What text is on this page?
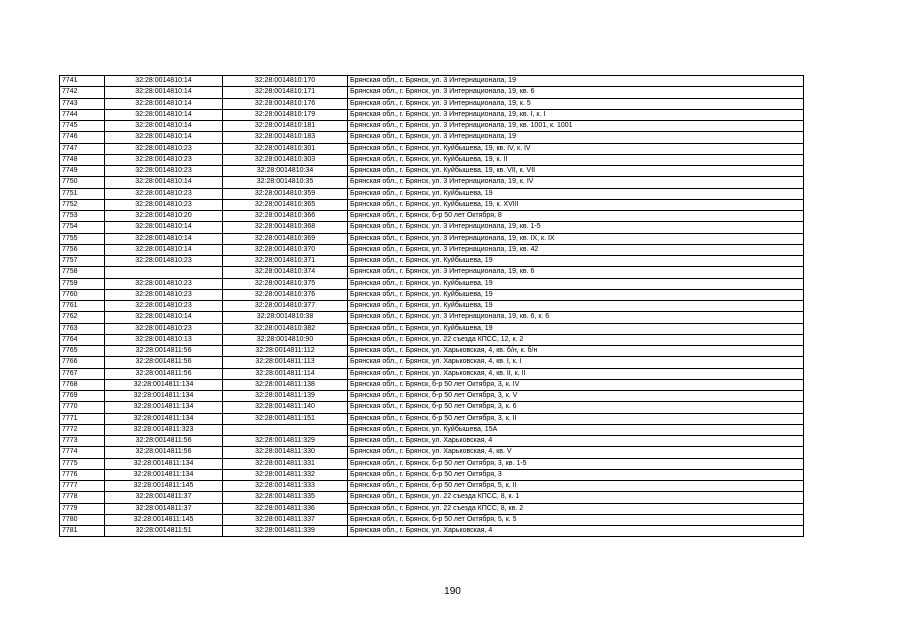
7741	32:28:0014810:14	32:28:0014810:170	Брянская обл., г. Брянск, ул. 3 Интернационала, 19
7742	32:28:0014810:14	32:28:0014810:171	Брянская обл., г. Брянск, ул. 3 Интернационала, 19, кв. 6
7743	32:28:0014810:14	32:28:0014810:176	Брянская обл., г. Брянск, ул. 3 Интернационала, 19, к. 5
7744	32:28:0014810:14	32:28:0014810:179	Брянская обл., г. Брянск, ул. 3 Интернационала, 19, кв. I, к. I
7745	32:28:0014810:14	32:28:0014810:181	Брянская обл., г. Брянск, ул. 3 Интернационала, 19, кв. 1001, к. 1001
7746	32:28:0014810:14	32:28:0014810:183	Брянская обл., г. Брянск, ул. 3 Интернационала, 19
7747	32:28:0014810:23	32:28:0014810:301	Брянская обл., г. Брянск, ул. Куйбышева, 19, кв. IV, к. IV
7748	32:28:0014810:23	32:28:0014810:303	Брянская обл., г. Брянск, ул. Куйбышева, 19, к. II
7749	32:28:0014810:23	32:28:0014810:34	Брянская обл., г. Брянск, ул. Куйбышева, 19, кв. VII, к. VII
7750	32:28:0014810:14	32:28:0014810:35	Брянская обл., г. Брянск, ул. 3 Интернационала, 19, к. IV
7751	32:28:0014810:23	32:28:0014810:359	Брянская обл., г. Брянск, ул. Куйбышева, 19
7752	32:28:0014810:23	32:28:0014810:365	Брянская обл., г. Брянск, ул. Куйбышева, 19, к. XVIII
7753	32:28:0014810:20	32:28:0014810:366	Брянская обл., г. Брянск, б-р 50 лет Октября, 8
7754	32:28:0014810:14	32:28:0014810:368	Брянская обл., г. Брянск, ул. 3 Интернационала, 19, кв. 1-5
7755	32:28:0014810:14	32:28:0014810:369	Брянская обл., г. Брянск, ул. 3 Интернационала, 19, кв. IX, к. IX
7756	32:28:0014810:14	32:28:0014810:370	Брянская обл., г. Брянск, ул. 3 Интернационала, 19, кв. 42
7757	32:28:0014810:23	32:28:0014810:371	Брянская обл., г. Брянск, ул. Куйбышева, 19
7758		32:28:0014810:374	Брянская обл., г. Брянск, ул. 3 Интернационала, 19, кв. 6
7759	32:28:0014810:23	32:28:0014810:375	Брянская обл., г. Брянск, ул. Куйбышева, 19
7760	32:28:0014810:23	32:28:0014810:376	Брянская обл., г. Брянск, ул. Куйбышева, 19
7761	32:28:0014810:23	32:28:0014810:377	Брянская обл., г. Брянск, ул. Куйбышева, 19
7762	32:28:0014810:14	32:28:0014810:38	Брянская обл., г. Брянск, ул. 3 Интернационала, 19, кв. 6, к. 6
7763	32:28:0014810:23	32:28:0014810:382	Брянская обл., г. Брянск, ул. Куйбышева, 19
7764	32:28:0014810:13	32:28:0014810:90	Брянская обл., г. Брянск, ул. 22 съезда КПСС, 12, к. 2
7765	32:28:0014811:56	32:28:0014811:112	Брянская обл., г. Брянск, ул. Харьковская, 4, кв. б/н, к. б/н
7766	32:28:0014811:56	32:28:0014811:113	Брянская обл., г. Брянск, ул. Харьковская, 4, кв. I, к. I
7767	32:28:0014811:56	32:28:0014811:114	Брянская обл., г. Брянск, ул. Харьковская, 4, кв. II, к. II
7768	32:28:0014811:134	32:28:0014811:138	Брянская обл., г. Брянск, б-р 50 лет Октября, 3, к. IV
7769	32:28:0014811:134	32:28:0014811:139	Брянская обл., г. Брянск, б-р 50 лет Октября, 3, к. V
7770	32:28:0014811:134	32:28:0014811:140	Брянская обл., г. Брянск, б-р 50 лет Октября, 3, к. 6
7771	32:28:0014811:134	32:28:0014811:151	Брянская обл., г. Брянск, б-р 50 лет Октября, 3, к. II
7772	32:28:0014811:323		Брянская обл., г. Брянск, ул. Куйбышева, 15А
7773	32:28:0014811:56	32:28:0014811:329	Брянская обл., г. Брянск, ул. Харьковская, 4
7774	32:28:0014811:56	32:28:0014811:330	Брянская обл., г. Брянск, ул. Харьковская, 4, кв. V
7775	32:28:0014811:134	32:28:0014811:331	Брянская обл., г. Брянск, б-р 50 лет Октября, 3, кв. 1-5
7776	32:28:0014811:134	32:28:0014811:332	Брянская обл., г. Брянск, б-р 50 лет Октября, 3
7777	32:28:0014811:145	32:28:0014811:333	Брянская обл., г. Брянск, б-р 50 лет Октября, 5, к. II
7778	32:28:0014811:37	32:28:0014811:335	Брянская обл., г. Брянск, ул. 22 съезда КПСС, 8, к. 1
7779	32:28:0014811:37	32:28:0014811:336	Брянская обл., г. Брянск, ул. 22 съезда КПСС, 8, кв. 2
7780	32:28:0014811:145	32:28:0014811:337	Брянская обл., г. Брянск, б-р 50 лет Октября, 5, к. 5
7781	32:28:0014811:51	32:28:0014811:339	Брянская обл., г. Брянск, ул. Харьковская, 4
190
